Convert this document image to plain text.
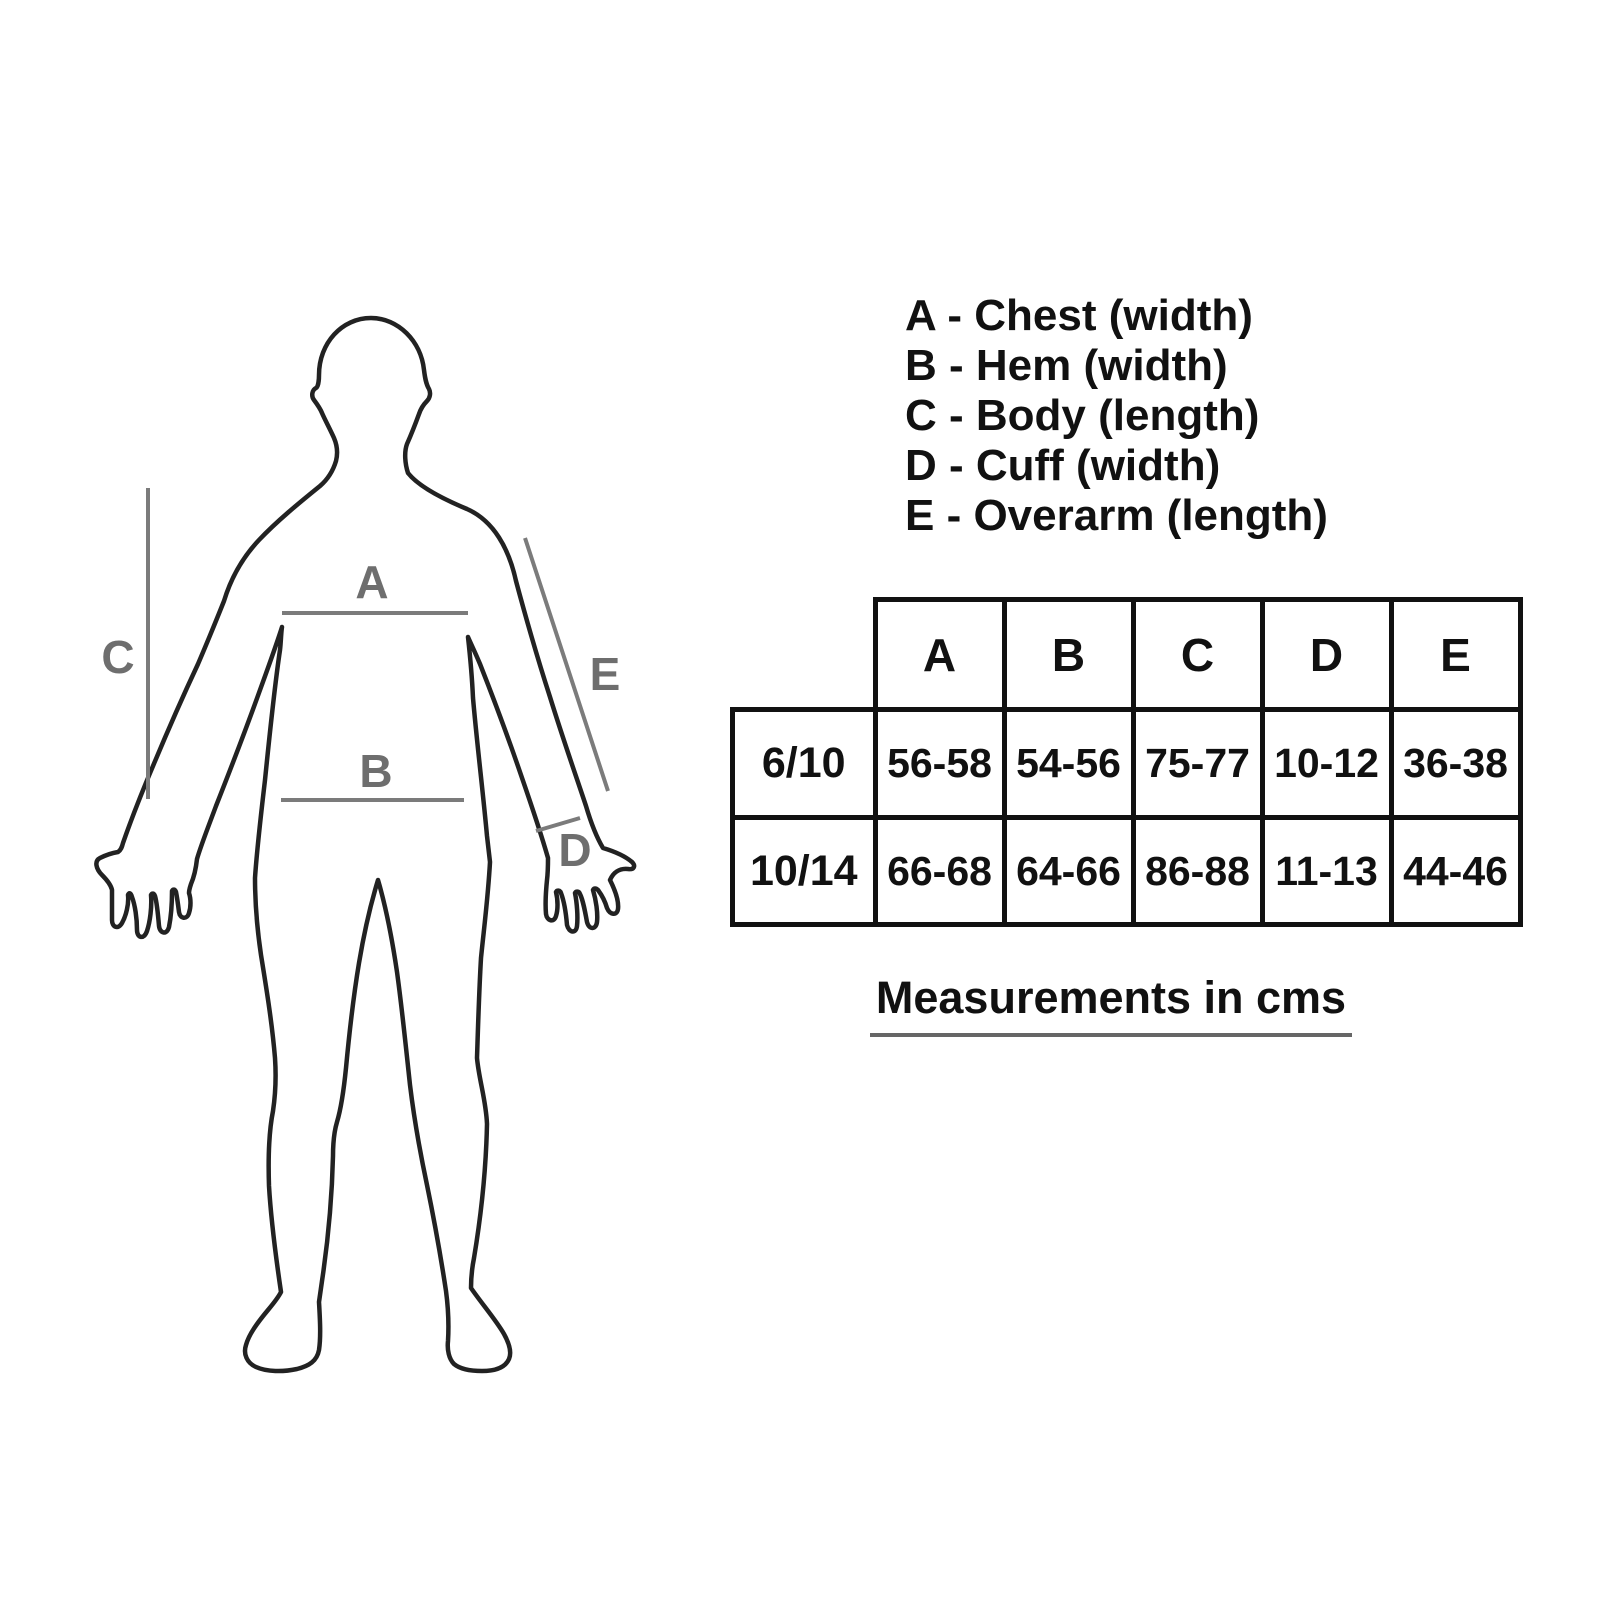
A
B
C
D
E
A - Chest (width)
B - Hem (width)
C - Body (length)
D - Cuff (width)
E - Overarm (length)
	A	B	C	D	E
6/10	56-58	54-56	75-77	10-12	36-38
10/14	66-68	64-66	86-88	11-13	44-46
Measurements in cms
